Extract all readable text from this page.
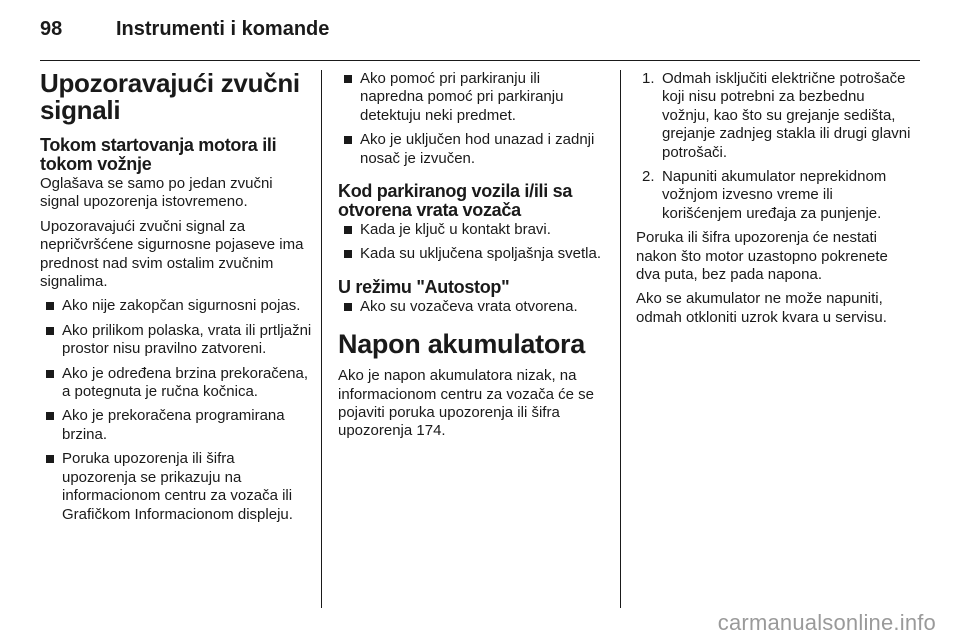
98	Instrumenti i komande
Upozoravajući zvučni signali
Tokom startovanja motora ili tokom vožnje

Oglašava se samo po jedan zvučni signal upozorenja istovremeno.

Upozoravajući zvučni signal za nepričvršćene sigurnosne pojaseve ima prednost nad svim ostalim zvučnim signalima.

Ako nije zakopčan sigurnosni pojas.
Ako prilikom polaska, vrata ili prtljažni prostor nisu pravilno zatvoreni.
Ako je određena brzina prekoračena, a potegnuta je ručna kočnica.
Ako je prekoračena programirana brzina.
Poruka upozorenja ili šifra upozorenja se prikazuju na informacionom centru za vozača ili Grafičkom Informacionom displeju.
Ako pomoć pri parkiranju ili napredna pomoć pri parkiranju detektuju neki predmet.
Ako je uključen hod unazad i zadnji nosač je izvučen.
Kod parkiranog vozila i/ili sa otvorena vrata vozača
Kada je ključ u kontakt bravi.
Kada su uključena spoljašnja svetla.
U režimu "Autostop"
Ako su vozačeva vrata otvorena.
Napon akumulatora

Ako je napon akumulatora nizak, na informacionom centru za vozača će se pojaviti poruka upozorenja ili šifra upozorenja 174.

1. Odmah isključiti električne potrošače koji nisu potrebni za bezbednu vožnju, kao što su grejanje sedišta, grejanje zadnjeg stakla ili drugi glavni potrošači.
2. Napuniti akumulator neprekidnom vožnjom izvesno vreme ili korišćenjem uređaja za punjenje.

Poruka ili šifra upozorenja će nestati nakon što motor uzastopno pokrenete dva puta, bez pada napona.

Ako se akumulator ne može napuniti, odmah otkloniti uzrok kvara u servisu.

carmanualsonline.info
